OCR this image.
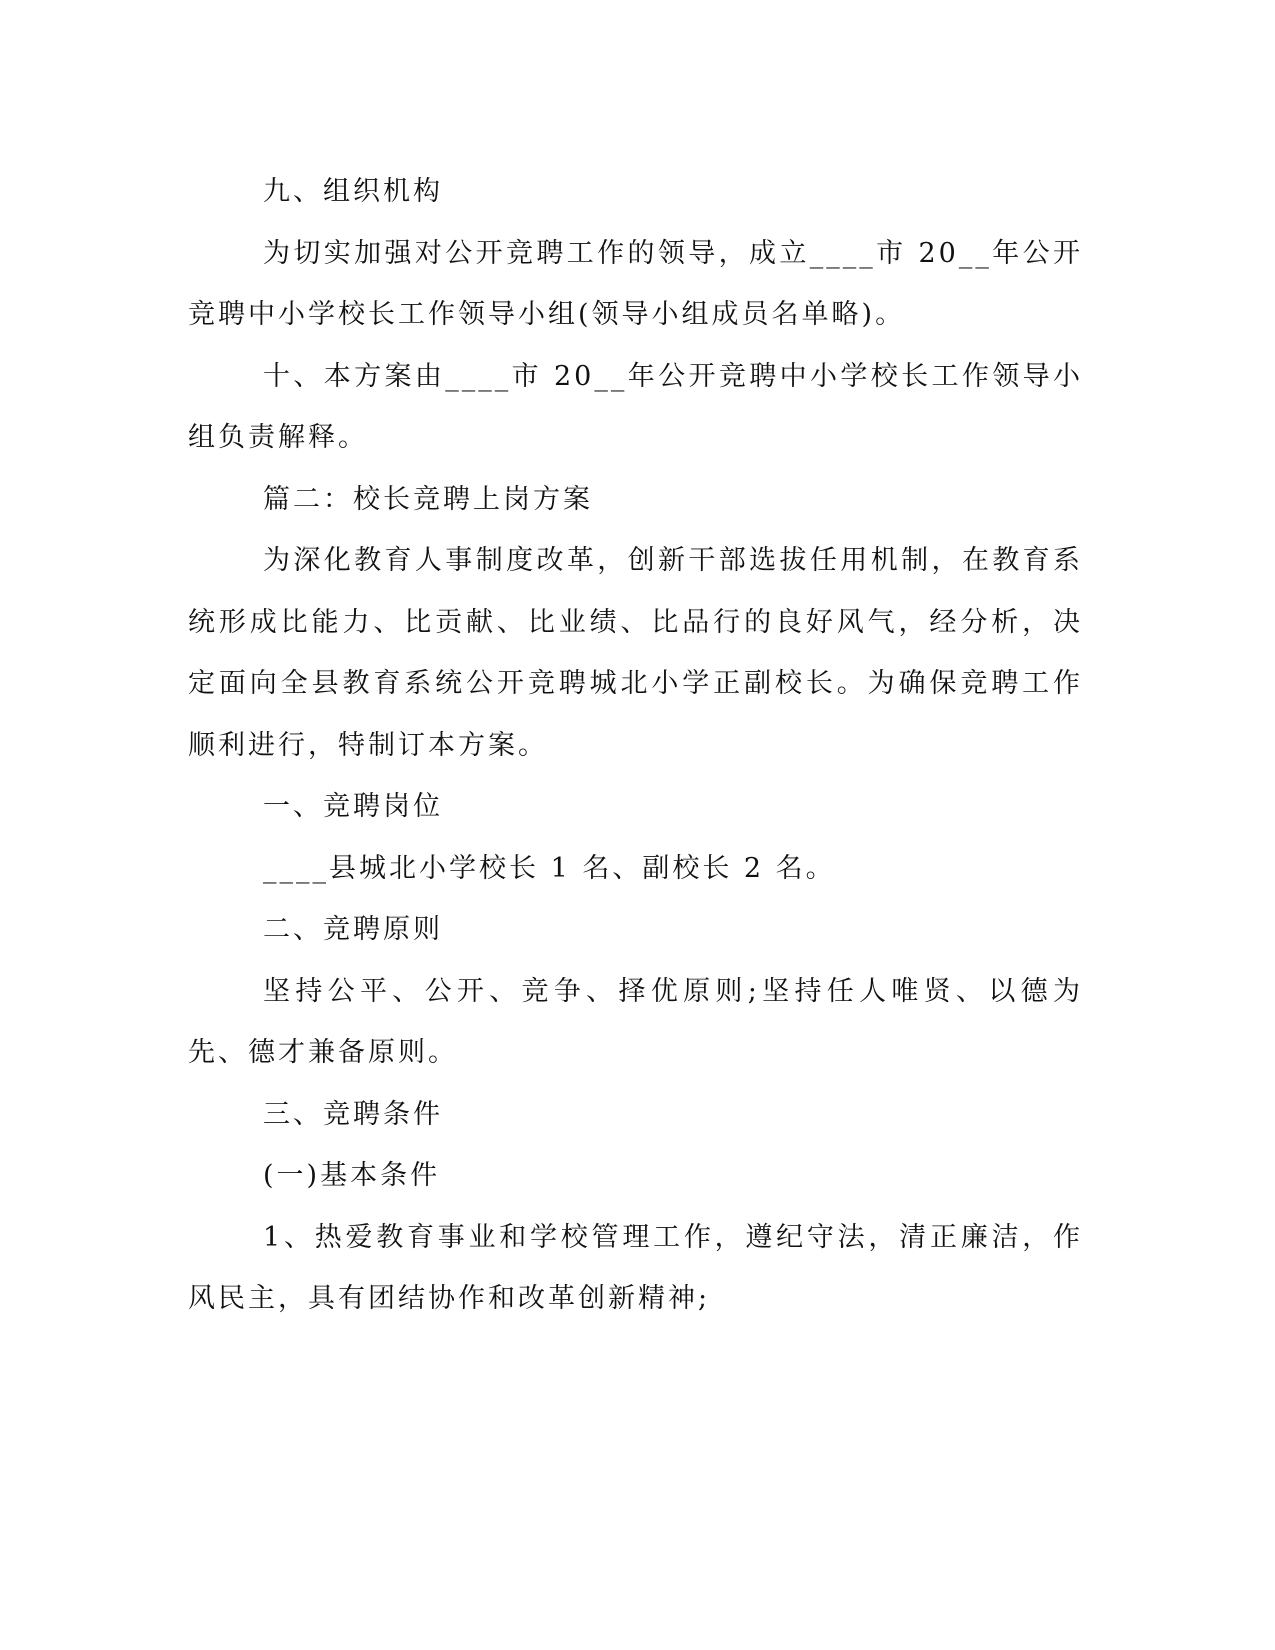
九、组织机构

为切实加强对公开竞聘工作的领导，成立____市 20__年公开竞聘中小学校长工作领导小组(领导小组成员名单略)。

十、本方案由____市 20__年公开竞聘中小学校长工作领导小组负责解释。

篇二：校长竞聘上岗方案

为深化教育人事制度改革，创新干部选拔任用机制，在教育系统形成比能力、比贡献、比业绩、比品行的良好风气，经分析，决定面向全县教育系统公开竞聘城北小学正副校长。为确保竞聘工作顺利进行，特制订本方案。

一、竞聘岗位

____县城北小学校长 1 名、副校长 2 名。

二、竞聘原则

坚持公平、公开、竞争、择优原则;坚持任人唯贤、以德为先、德才兼备原则。

三、竞聘条件

(一)基本条件

1、热爱教育事业和学校管理工作，遵纪守法，清正廉洁，作风民主，具有团结协作和改革创新精神;
